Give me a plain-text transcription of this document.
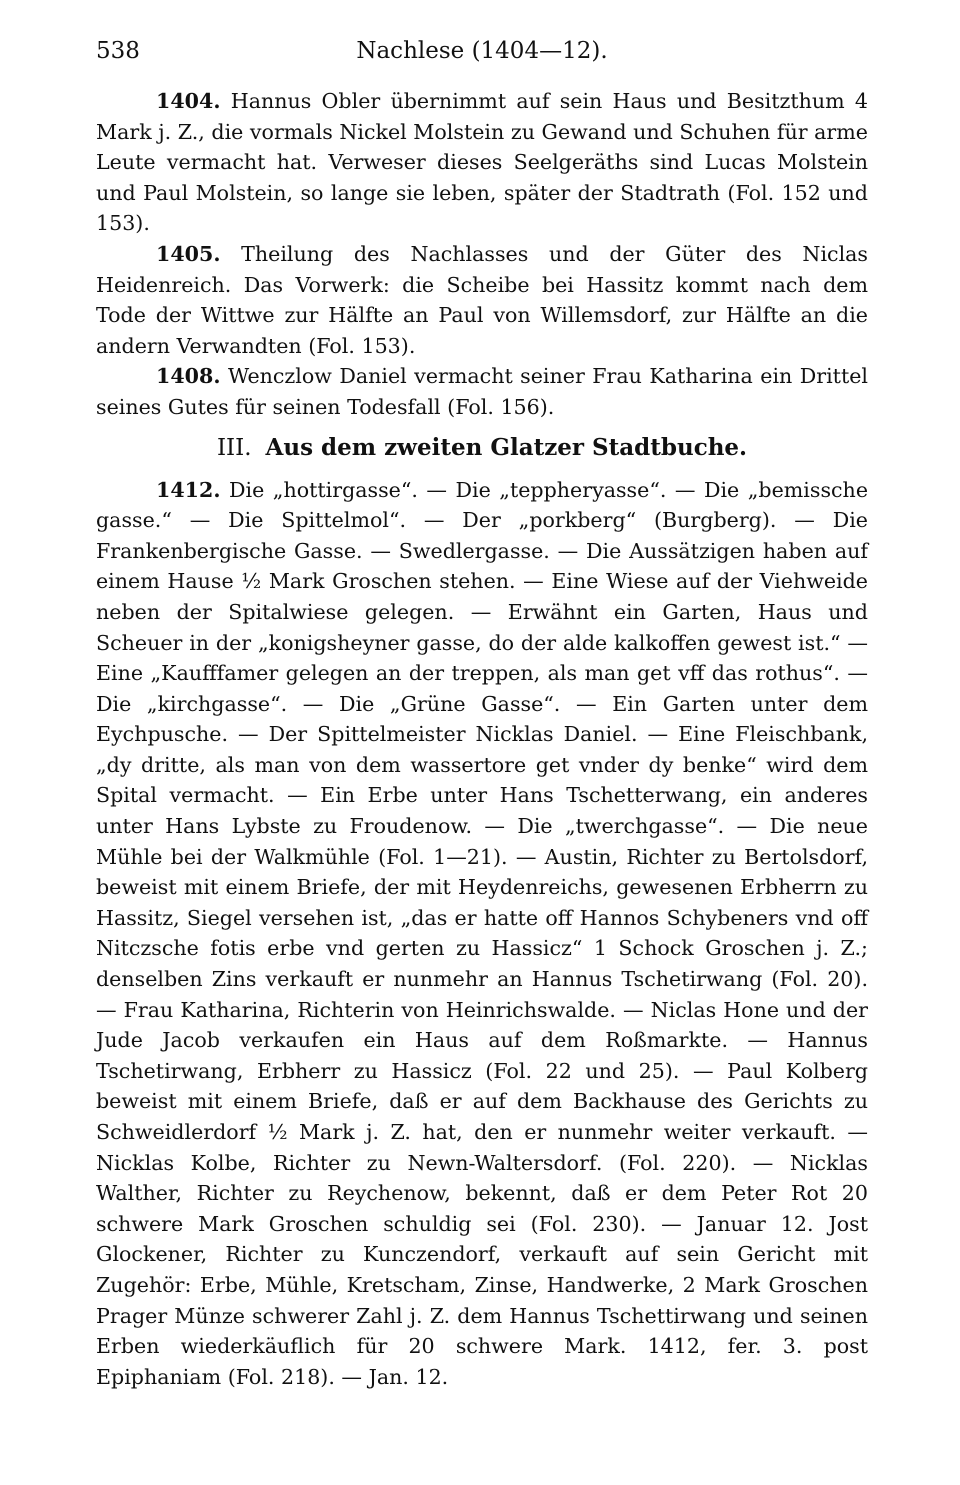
538	Nachlese (1404—12).

1404. Hannus Obler übernimmt auf sein Haus und Besitzthum 4 Mark j. Z., die vormals Nickel Molstein zu Gewand und Schuhen für arme Leute vermacht hat. Verweser dieses Seelgeräths sind Lucas Molstein und Paul Molstein, so lange sie leben, später der Stadtrath (Fol. 152 und 153).

1405. Theilung des Nachlasses und der Güter des Niclas Heidenreich. Das Vorwerk: die Scheibe bei Hassitz kommt nach dem Tode der Wittwe zur Hälfte an Paul von Willemsdorf, zur Hälfte an die andern Verwandten (Fol. 153).

1408. Wenczlow Daniel vermacht seiner Frau Katharina ein Drittel seines Gutes für seinen Todesfall (Fol. 156).

III. Aus dem zweiten Glatzer Stadtbuche.

1412. Die „hottirgasse“. — Die „teppheryasse“. — Die „bemissche gasse.“ — Die Spittelmol“. — Der „porkberg“ (Burgberg). — Die Frankenbergische Gasse. — Swedlergasse. — Die Aussätzigen haben auf einem Hause ½ Mark Groschen stehen. — Eine Wiese auf der Viehweide neben der Spitalwiese gelegen. — Erwähnt ein Garten, Haus und Scheuer in der „konigsheyner gasse, do der alde kalkoffen gewest ist.“ — Eine „Kaufffamer gelegen an der treppen, als man get vff das rothus“. — Die „kirchgasse“. — Die „Grüne Gasse“. — Ein Garten unter dem Eychpusche. — Der Spittelmeister Nicklas Daniel. — Eine Fleischbank, „dy dritte, als man von dem wassertore get vnder dy benke“ wird dem Spital vermacht. — Ein Erbe unter Hans Tschetterwang, ein anderes unter Hans Lybste zu Froudenow. — Die „twerchgasse“. — Die neue Mühle bei der Walkmühle (Fol. 1—21). — Austin, Richter zu Bertolsdorf, beweist mit einem Briefe, der mit Heydenreichs, gewesenen Erbherrn zu Hassitz, Siegel versehen ist, „das er hatte off Hannos Schybeners vnd off Nitczsche fotis erbe vnd gerten zu Hassicz“ 1 Schock Groschen j. Z.; denselben Zins verkauft er nunmehr an Hannus Tschetirwang (Fol. 20). — Frau Katharina, Richterin von Heinrichswalde. — Niclas Hone und der Jude Jacob verkaufen ein Haus auf dem Roßmarkte. — Hannus Tschetirwang, Erbherr zu Hassicz (Fol. 22 und 25). — Paul Kolberg beweist mit einem Briefe, daß er auf dem Backhause des Gerichts zu Schweidlerdorf ½ Mark j. Z. hat, den er nunmehr weiter verkauft. — Nicklas Kolbe, Richter zu Newn-Waltersdorf. (Fol. 220). — Nicklas Walther, Richter zu Reychenow, bekennt, daß er dem Peter Rot 20 schwere Mark Groschen schuldig sei (Fol. 230). — Januar 12. Jost Glockener, Richter zu Kunczendorf, verkauft auf sein Gericht mit Zugehör: Erbe, Mühle, Kretscham, Zinse, Handwerke, 2 Mark Groschen Prager Münze schwerer Zahl j. Z. dem Hannus Tschettirwang und seinen Erben wiederkäuflich für 20 schwere Mark. 1412, fer. 3. post Epiphaniam (Fol. 218). — Jan. 12.
